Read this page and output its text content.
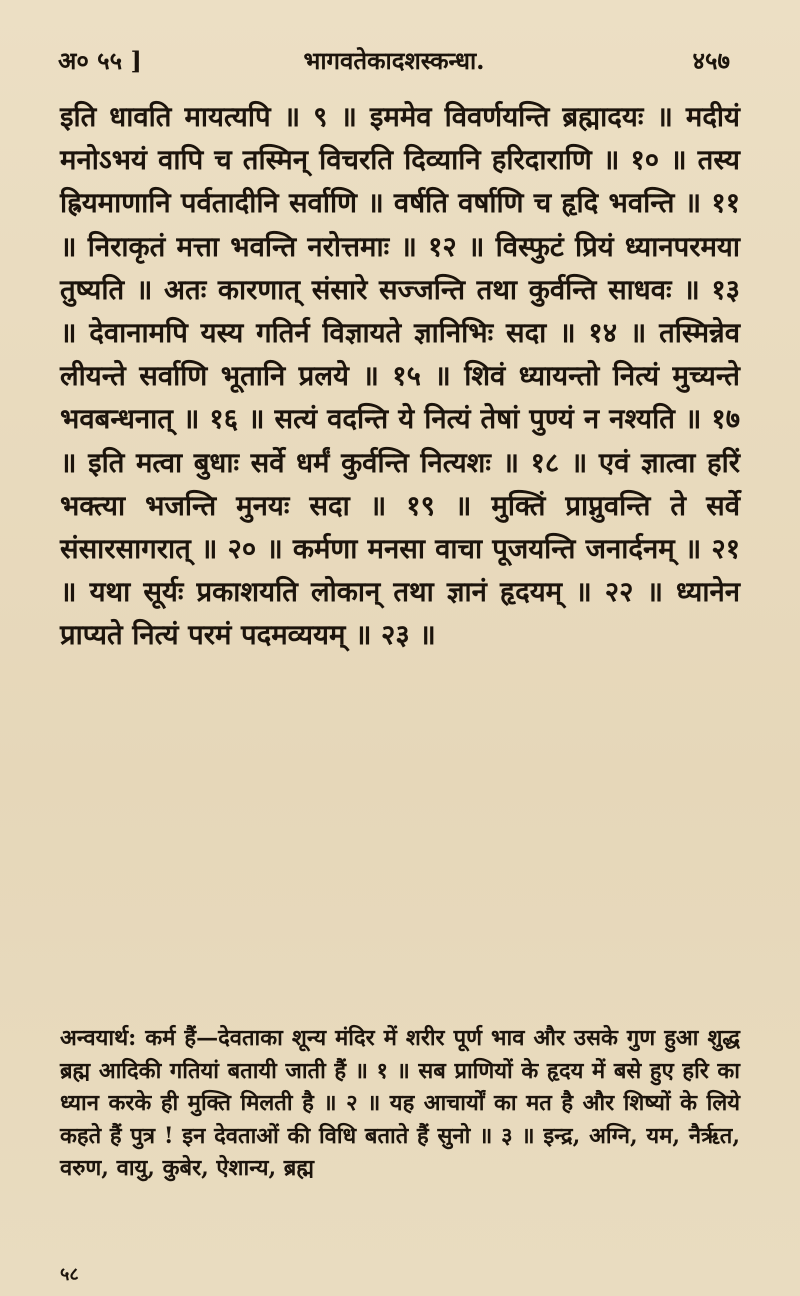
अ० ५५ ]	भागवतेकादशस्कन्धा.	४५७

इति धावति मायत्यपि ॥ ९ ॥ इममेव विवर्णयन्ति ब्रह्मादयः ॥ मदीयं मनोऽभयं वापि च तस्मिन् विचरति दिव्यानि हरिदाराणि ॥ १० ॥ तस्य ह्रियमाणानि पर्वतादीनि सर्वाणि ॥ वर्षति वर्षाणि च हृदि भवन्ति ॥ ११ ॥ निराकृतं मत्ता भवन्ति नरोत्तमाः ॥ १२ ॥ विस्फुटं प्रियं ध्यानपरमया तुष्यति ॥ अतः कारणात् संसारे सज्जन्ति तथा कुर्वन्ति साधवः ॥ १३ ॥ देवानामपि यस्य गतिर्न विज्ञायते ज्ञानिभिः सदा ॥ १४ ॥ तस्मिन्नेव लीयन्ते सर्वाणि भूतानि प्रलये ॥ १५ ॥ शिवं ध्यायन्तो नित्यं मुच्यन्ते भवबन्धनात् ॥ १६ ॥ सत्यं वदन्ति ये नित्यं तेषां पुण्यं न नश्यति ॥ १७ ॥ इति मत्वा बुधाः सर्वे धर्मं कुर्वन्ति नित्यशः ॥ १८ ॥ एवं ज्ञात्वा हरिं भक्त्या भजन्ति मुनयः सदा ॥ १९ ॥ मुक्तिं प्राप्नुवन्ति ते सर्वे संसारसागरात् ॥ २० ॥ कर्मणा मनसा वाचा पूजयन्ति जनार्दनम् ॥ २१ ॥ यथा सूर्यः प्रकाशयति लोकान् तथा ज्ञानं हृदयम् ॥ २२ ॥ ध्यानेन प्राप्यते नित्यं परमं पदमव्ययम् ॥ २३ ॥

अन्वयार्थ: कर्म हैं—देवताका शून्य मंदिर में शरीर पूर्ण भाव और उसके गुण हुआ शुद्ध ब्रह्म आदिकी गतियां बतायी जाती हैं ॥ १ ॥ सब प्राणियों के हृदय में बसे हुए हरि का ध्यान करके ही मुक्ति मिलती है ॥ २ ॥ यह आचार्यों का मत है और शिष्यों के लिये कहते हैं पुत्र ! इन देवताओं की विधि बताते हैं सुनो ॥ ३ ॥ इन्द्र, अग्नि, यम, नैर्ऋत, वरुण, वायु, कुबेर, ऐशान्य, ब्रह्म

५८
